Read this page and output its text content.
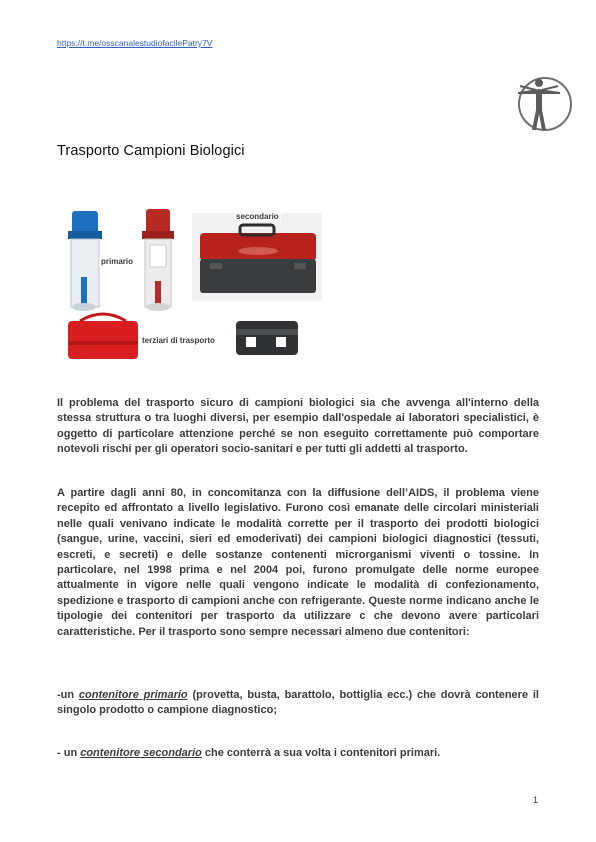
https://t.me/osscanalestudiofacilePatry7V
Trasporto Campioni Biologici
secondario
primario
terziari di trasporto

Il problema del trasporto sicuro di campioni biologici sia che avvenga all'interno della stessa struttura o tra luoghi diversi, per esempio dall'ospedale ai laboratori specialistici, è oggetto di particolare attenzione perché se non eseguito correttamente può comportare notevoli rischi per gli operatori socio-sanitari e per tutti gli addetti al trasporto.

A partire dagli anni 80, in concomitanza con la diffusione dell’AIDS, il problema viene recepito ed affrontato a livello legislativo. Furono così emanate delle circolari ministeriali nelle quali venivano indicate le modalità corrette per il trasporto dei prodotti biologici (sangue, urine, vaccini, sieri ed emoderivati) dei campioni biologici diagnostici (tessuti, escreti, e secreti) e delle sostanze contenenti microrganismi viventi o tossine. In particolare, nel 1998 prima e nel 2004 poi, furono promulgate delle norme europee attualmente in vigore nelle quali vengono indicate le modalità di confezionamento, spedizione e trasporto di campioni anche con refrigerante. Queste norme indicano anche le tipologie dei contenitori per trasporto da utilizzare c che devono avere particolari caratteristiche. Per il trasporto sono sempre necessari almeno due contenitori:

-un contenitore primario (provetta, busta, barattolo, bottiglia ecc.) che dovrà contenere il singolo prodotto o campione diagnostico;

- un contenitore secondario che conterrà a sua volta i contenitori primari.

1
